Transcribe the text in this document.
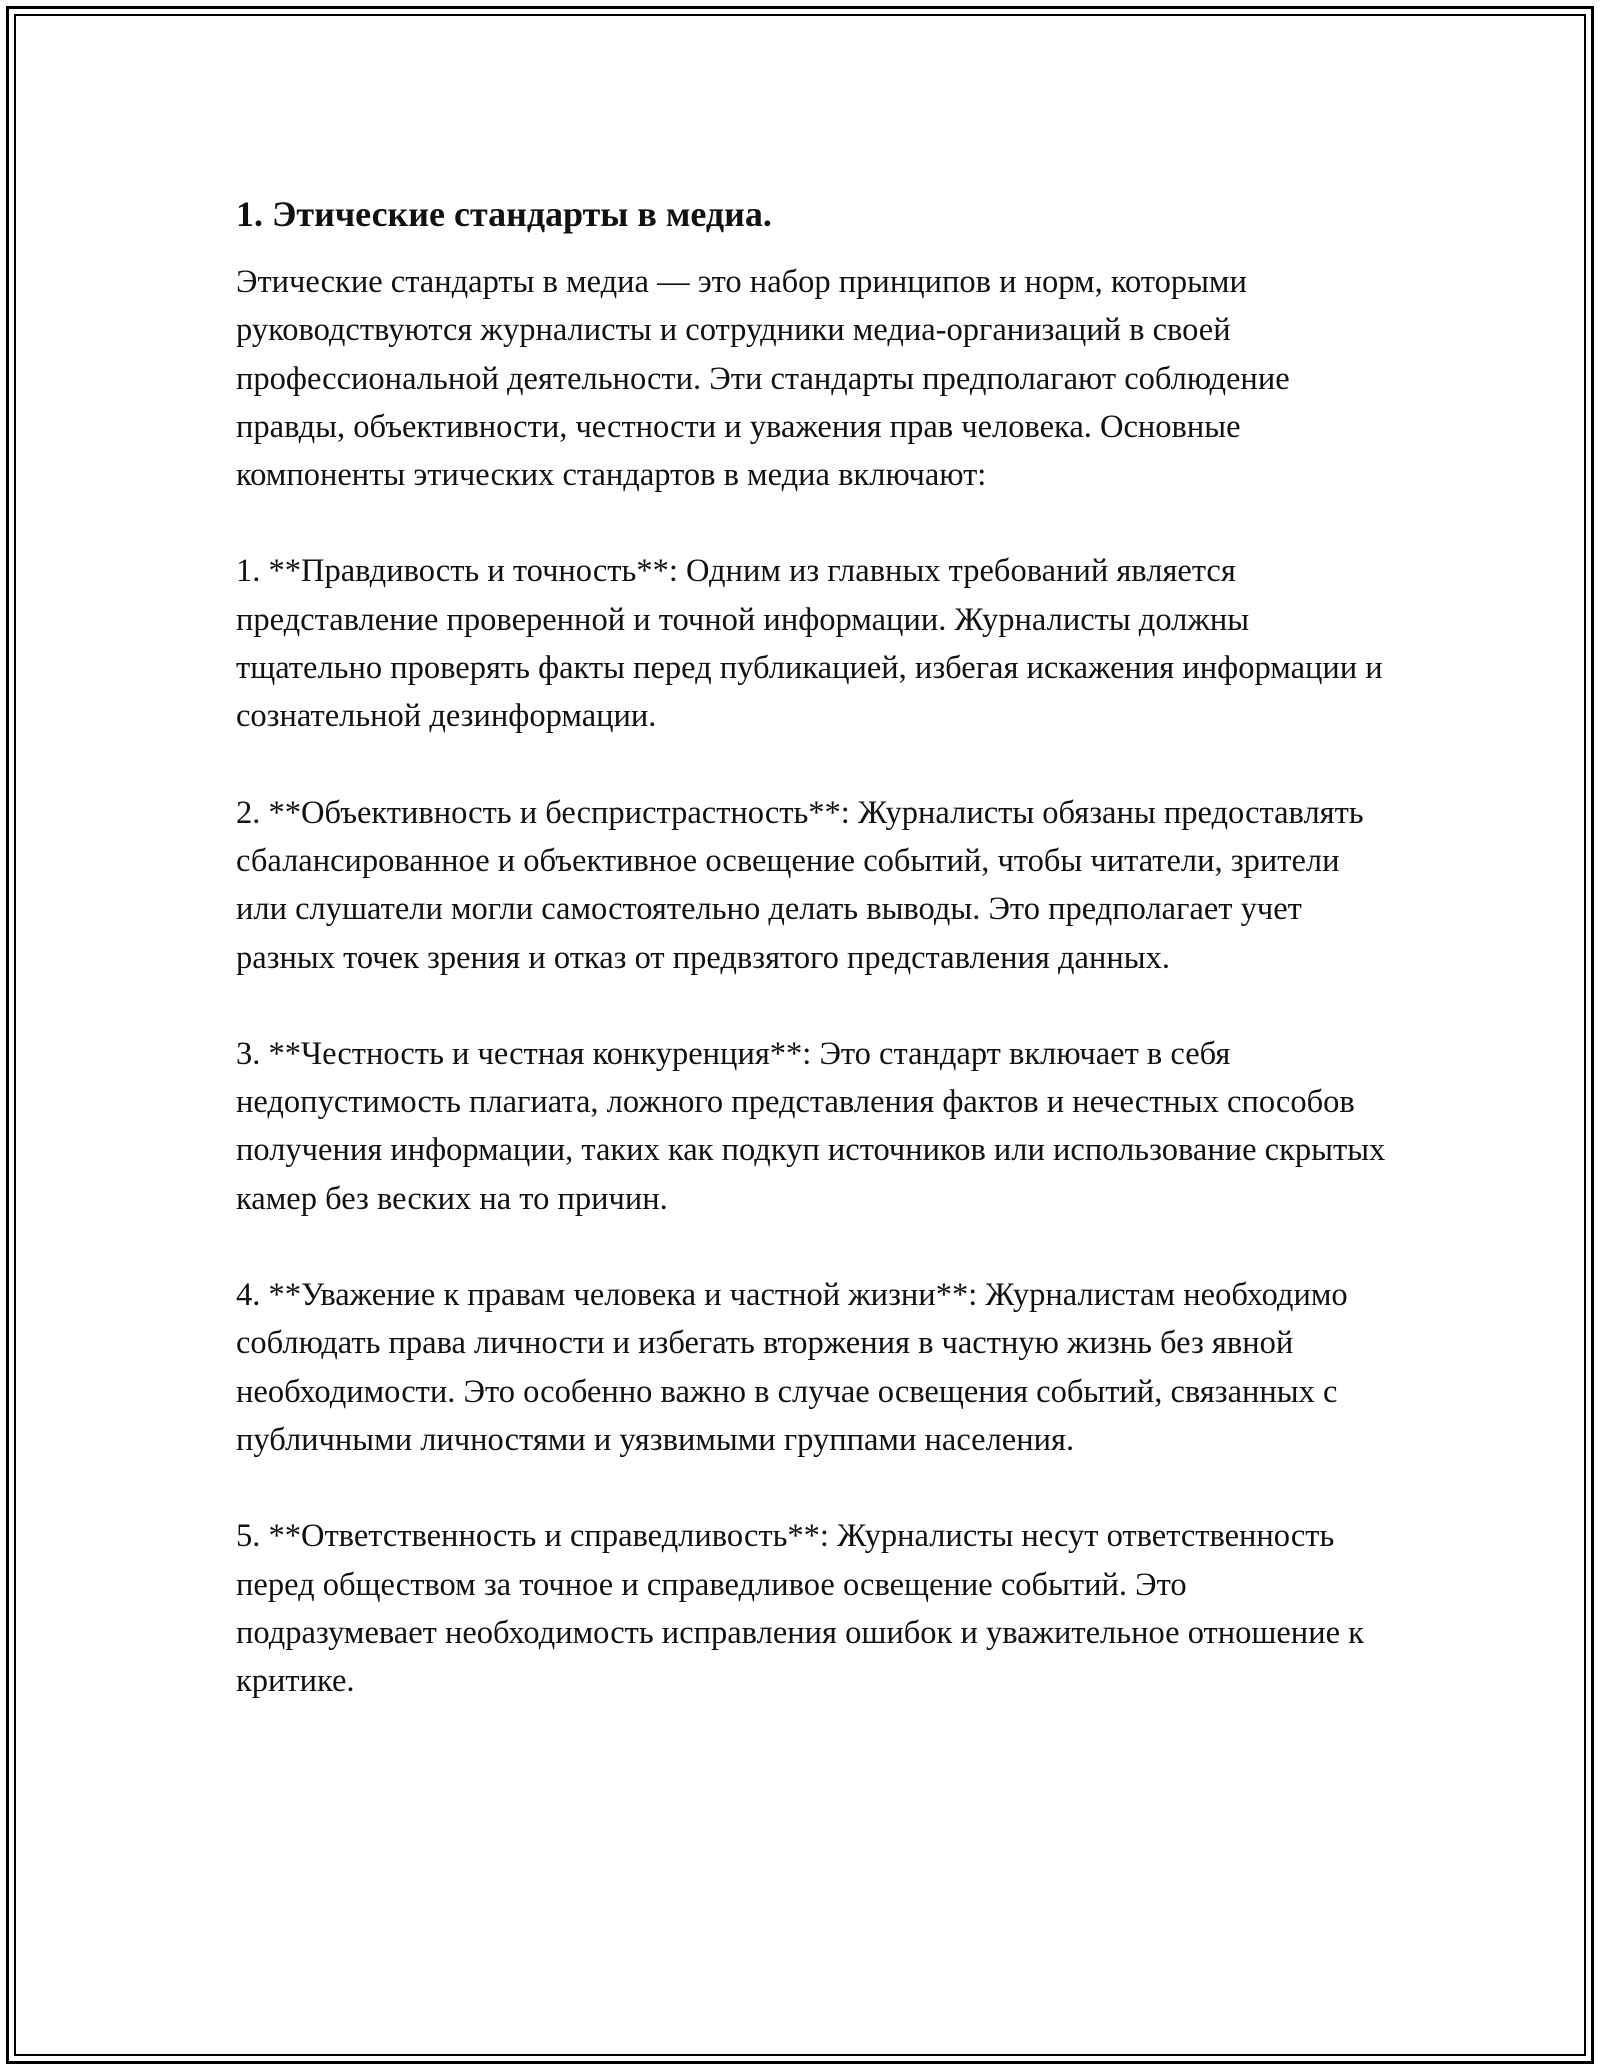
1. Этические стандарты в медиа.

Этические стандарты в медиа — это набор принципов и норм, которыми руководствуются журналисты и сотрудники медиа-организаций в своей профессиональной деятельности. Эти стандарты предполагают соблюдение правды, объективности, честности и уважения прав человека. Основные компоненты этических стандартов в медиа включают:

1. **Правдивость и точность**: Одним из главных требований является представление проверенной и точной информации. Журналисты должны тщательно проверять факты перед публикацией, избегая искажения информации и сознательной дезинформации.

2. **Объективность и беспристрастность**: Журналисты обязаны предоставлять сбалансированное и объективное освещение событий, чтобы читатели, зрители или слушатели могли самостоятельно делать выводы. Это предполагает учет разных точек зрения и отказ от предвзятого представления данных.

3. **Честность и честная конкуренция**: Это стандарт включает в себя недопустимость плагиата, ложного представления фактов и нечестных способов получения информации, таких как подкуп источников или использование скрытых камер без веских на то причин.

4. **Уважение к правам человека и частной жизни**: Журналистам необходимо соблюдать права личности и избегать вторжения в частную жизнь без явной необходимости. Это особенно важно в случае освещения событий, связанных с публичными личностями и уязвимыми группами населения.

5. **Ответственность и справедливость**: Журналисты несут ответственность перед обществом за точное и справедливое освещение событий. Это подразумевает необходимость исправления ошибок и уважительное отношение к критике.
